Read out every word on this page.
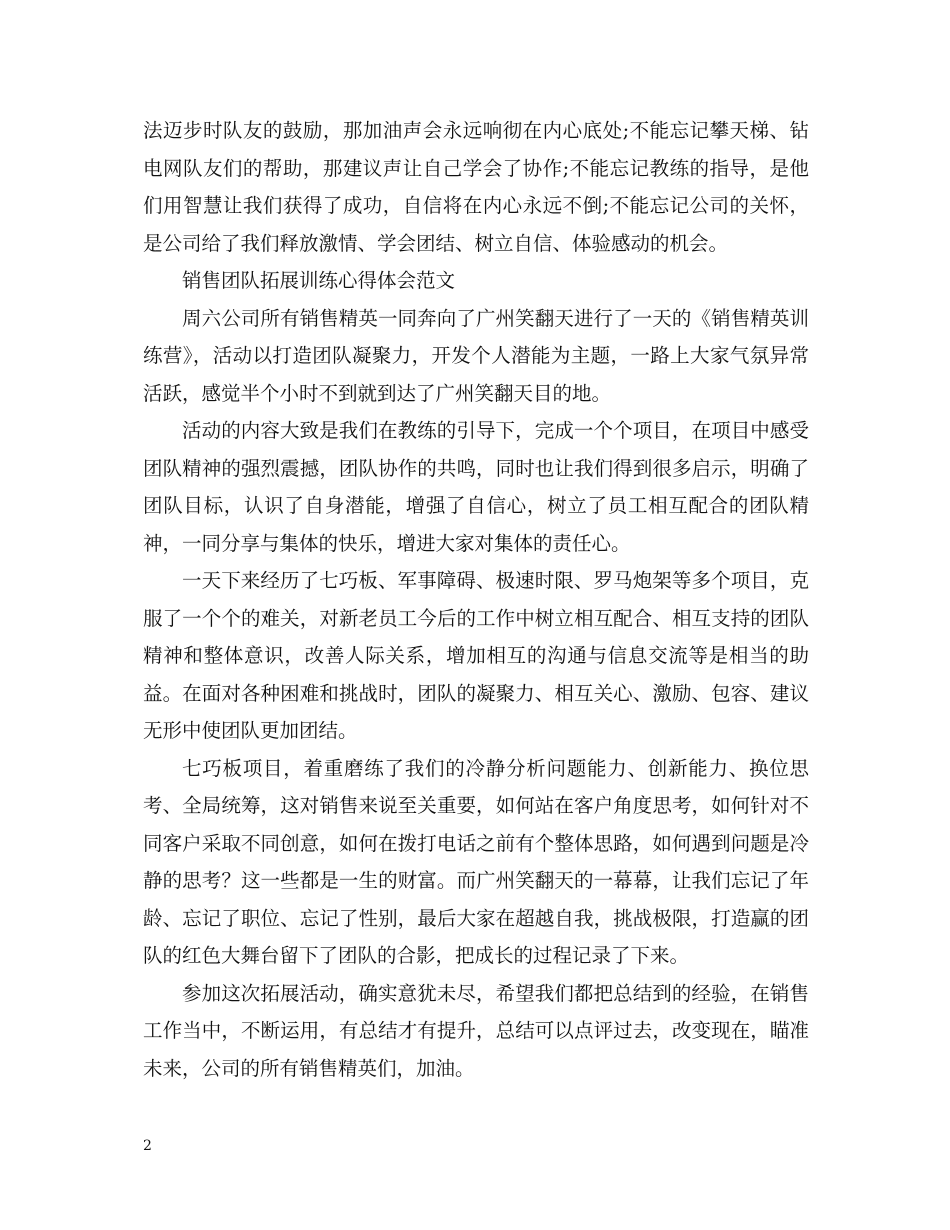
法迈步时队友的鼓励，那加油声会永远响彻在内心底处;不能忘记攀天梯、钻电网队友们的帮助，那建议声让自己学会了协作;不能忘记教练的指导，是他们用智慧让我们获得了成功，自信将在内心永远不倒;不能忘记公司的关怀，是公司给了我们释放激情、学会团结、树立自信、体验感动的机会。

销售团队拓展训练心得体会范文

周六公司所有销售精英一同奔向了广州笑翻天进行了一天的《销售精英训练营》，活动以打造团队凝聚力，开发个人潜能为主题，一路上大家气氛异常活跃，感觉半个小时不到就到达了广州笑翻天目的地。

活动的内容大致是我们在教练的引导下，完成一个个项目，在项目中感受团队精神的强烈震撼，团队协作的共鸣，同时也让我们得到很多启示，明确了团队目标，认识了自身潜能，增强了自信心，树立了员工相互配合的团队精神，一同分享与集体的快乐，增进大家对集体的责任心。

一天下来经历了七巧板、军事障碍、极速时限、罗马炮架等多个项目，克服了一个个的难关，对新老员工今后的工作中树立相互配合、相互支持的团队精神和整体意识，改善人际关系，增加相互的沟通与信息交流等是相当的助益。在面对各种困难和挑战时，团队的凝聚力、相互关心、激励、包容、建议无形中使团队更加团结。

七巧板项目，着重磨练了我们的冷静分析问题能力、创新能力、换位思考、全局统筹，这对销售来说至关重要，如何站在客户角度思考，如何针对不同客户采取不同创意，如何在拨打电话之前有个整体思路，如何遇到问题是冷静的思考？这一些都是一生的财富。而广州笑翻天的一幕幕，让我们忘记了年龄、忘记了职位、忘记了性别，最后大家在超越自我，挑战极限，打造赢的团队的红色大舞台留下了团队的合影，把成长的过程记录了下来。

参加这次拓展活动，确实意犹未尽，希望我们都把总结到的经验，在销售工作当中，不断运用，有总结才有提升，总结可以点评过去，改变现在，瞄准未来，公司的所有销售精英们，加油。

2
